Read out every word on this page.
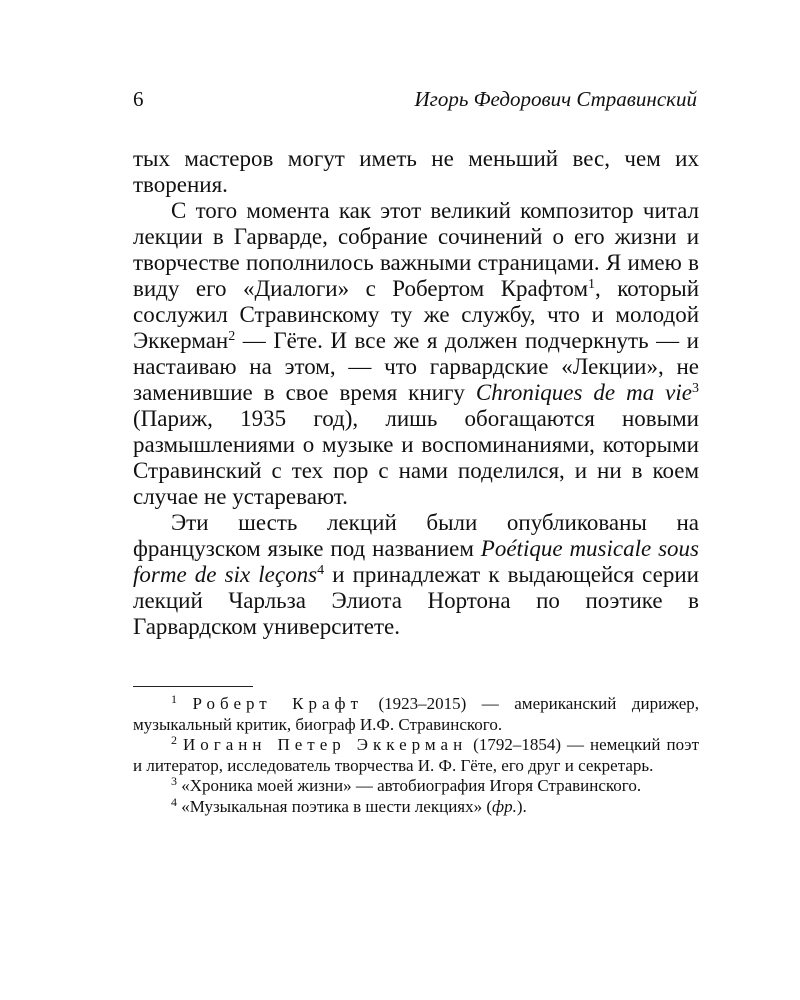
6	Игорь Федорович Стравинский

тых мастеров могут иметь не меньший вес, чем их творения.

С того момента как этот великий композитор читал лекции в Гарварде, собрание сочинений о его жизни и творчестве пополнилось важными страницами. Я имею в виду его «Диалоги» с Робертом Крафтом$^1$, который сослужил Стравинскому ту же службу, что и молодой Эккерман$^2$ — Гёте. И все же я должен подчеркнуть — и настаиваю на этом, — что гарвардские «Лекции», не заменившие в свое время книгу Chroniques de ma vie$^3$ (Париж, 1935 год), лишь обогащаются новыми размышлениями о музыке и воспоминаниями, которыми Стравинский с тех пор с нами поделился, и ни в коем случае не устаревают.

Эти шесть лекций были опубликованы на французском языке под названием Poétique musicale sous forme de six leçons$^4$ и принадлежат к выдающейся серии лекций Чарльза Элиота Нортона по поэтике в Гарвардском университете.

$^1$ Роберт Крафт (1923–2015) — американский дирижер, музыкальный критик, биограф И.Ф. Стравинского.

$^2$ Иоганн Петер Эккерман (1792–1854) — немецкий поэт и литератор, исследователь творчества И. Ф. Гёте, его друг и секретарь.

$^3$ «Хроника моей жизни» — автобиография Игоря Стравинского.

$^4$ «Музыкальная поэтика в шести лекциях» (фр.).
